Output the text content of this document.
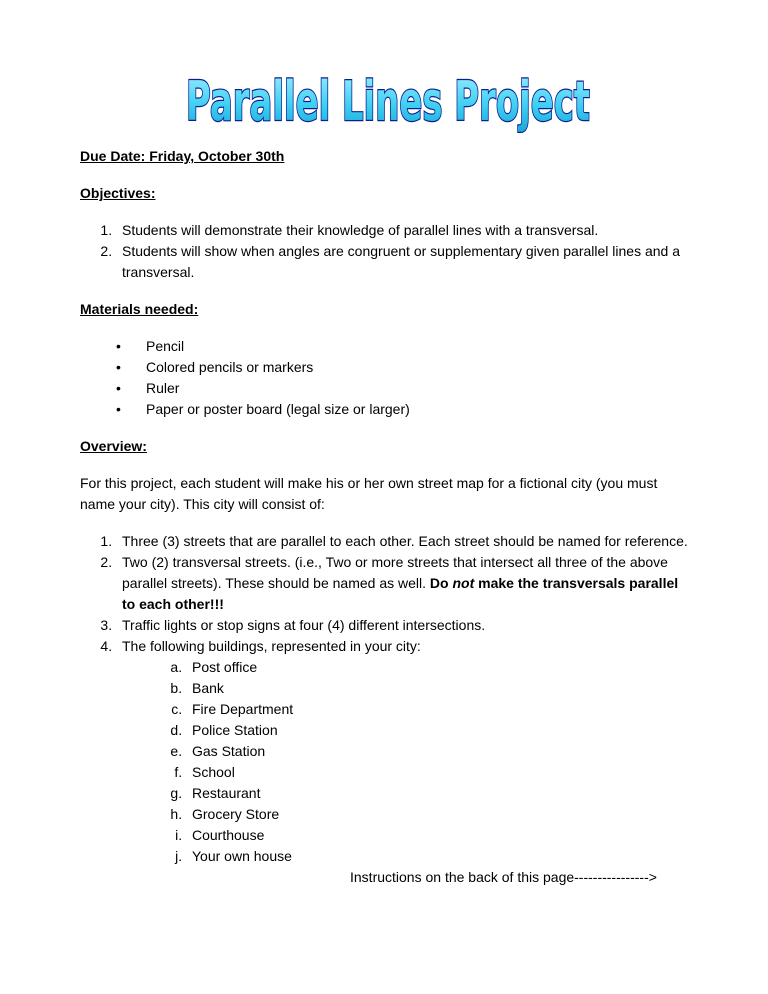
Parallel Lines Project

Due Date: Friday, October 30th

Objectives:

1. Students will demonstrate their knowledge of parallel lines with a transversal.
2. Students will show when angles are congruent or supplementary given parallel lines and a transversal.

Materials needed:

• Pencil
• Colored pencils or markers
• Ruler
• Paper or poster board (legal size or larger)

Overview:

For this project, each student will make his or her own street map for a fictional city (you must name your city). This city will consist of:

1. Three (3) streets that are parallel to each other. Each street should be named for reference.
2. Two (2) transversal streets. (i.e., Two or more streets that intersect all three of the above parallel streets). These should be named as well. Do not make the transversals parallel to each other!!!
3. Traffic lights or stop signs at four (4) different intersections.
4. The following buildings, represented in your city:
a. Post office
b. Bank
c. Fire Department
d. Police Station
e. Gas Station
f. School
g. Restaurant
h. Grocery Store
i. Courthouse
j. Your own house

Instructions on the back of this page---------------->
